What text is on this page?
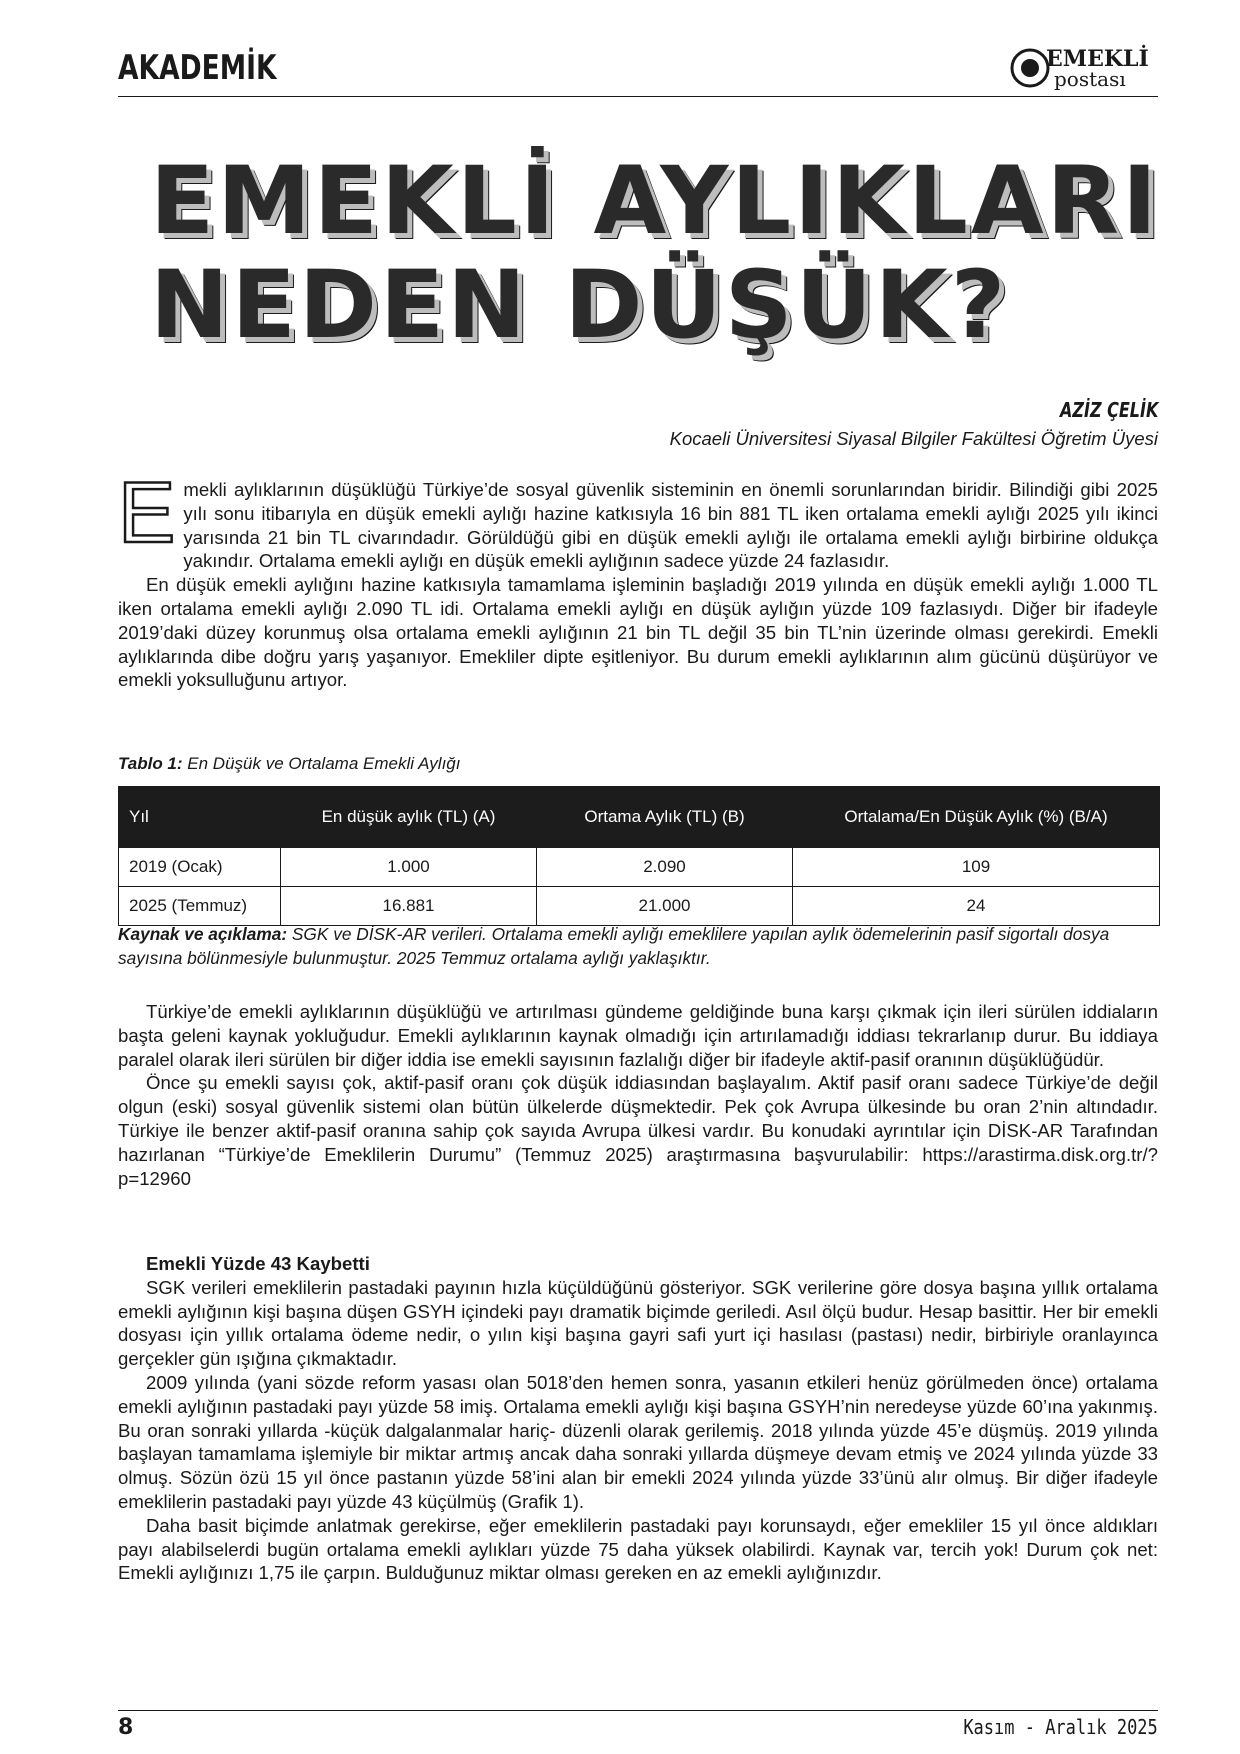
AKADEMİK	EMEKLİ
postası
EMEKLİ AYLIKLARI
NEDEN DÜŞÜK?
AZİZ ÇELİK
Kocaeli Üniversitesi Siyasal Bilgiler Fakültesi Öğretim Üyesi

Emekli aylıklarının düşüklüğü Türkiye’de sosyal güvenlik sisteminin en önemli sorunlarından biridir. Bilindiği gibi 2025 yılı sonu itibarıyla en düşük emekli aylığı hazine katkısıyla 16 bin 881 TL iken ortalama emekli aylığı 2025 yılı ikinci yarısında 21 bin TL civarındadır. Görüldüğü gibi en düşük emekli aylığı ile ortalama emekli aylığı birbirine oldukça yakındır. Ortalama emekli aylığı en düşük emekli aylığının sadece yüzde 24 fazlasıdır.

En düşük emekli aylığını hazine katkısıyla tamamlama işleminin başladığı 2019 yılında en düşük emekli aylığı 1.000 TL iken ortalama emekli aylığı 2.090 TL idi. Ortalama emekli aylığı en düşük aylığın yüzde 109 fazlasıydı. Diğer bir ifadeyle 2019’daki düzey korunmuş olsa ortalama emekli aylığının 21 bin TL değil 35 bin TL’nin üzerinde olması gerekirdi. Emekli aylıklarında dibe doğru yarış yaşanıyor. Emekliler dipte eşitleniyor. Bu durum emekli aylıklarının alım gücünü düşürüyor ve emekli yoksulluğunu artıyor.

Tablo 1: En Düşük ve Ortalama Emekli Aylığı
Yıl	En düşük aylık (TL) (A)	Ortama Aylık (TL) (B)	Ortalama/En Düşük Aylık (%) (B/A)
2019 (Ocak)	1.000	2.090	109
2025 (Temmuz)	16.881	21.000	24
Kaynak ve açıklama: SGK ve DİSK-AR verileri. Ortalama emekli aylığı emeklilere yapılan aylık ödemelerinin pasif sigortalı dosya sayısına bölünmesiyle bulunmuştur. 2025 Temmuz ortalama aylığı yaklaşıktır.

Türkiye’de emekli aylıklarının düşüklüğü ve artırılması gündeme geldiğinde buna karşı çıkmak için ileri sürülen iddiaların başta geleni kaynak yokluğudur. Emekli aylıklarının kaynak olmadığı için artırılamadığı iddiası tekrarlanıp durur. Bu iddiaya paralel olarak ileri sürülen bir diğer iddia ise emekli sayısının fazlalığı diğer bir ifadeyle aktif-pasif oranının düşüklüğüdür.

Önce şu emekli sayısı çok, aktif-pasif oranı çok düşük iddiasından başlayalım. Aktif pasif oranı sadece Türkiye’de değil olgun (eski) sosyal güvenlik sistemi olan bütün ülkelerde düşmektedir. Pek çok Avrupa ülkesinde bu oran 2’nin altındadır. Türkiye ile benzer aktif-pasif oranına sahip çok sayıda Avrupa ülkesi vardır. Bu konudaki ayrıntılar için DİSK-AR Tarafından hazırlanan “Türkiye’de Emeklilerin Durumu” (Temmuz 2025) araştırmasına başvurulabilir: https://arastirma.disk.org.tr/?p=12960

Emekli Yüzde 43 Kaybetti

SGK verileri emeklilerin pastadaki payının hızla küçüldüğünü gösteriyor. SGK verilerine göre dosya başına yıllık ortalama emekli aylığının kişi başına düşen GSYH içindeki payı dramatik biçimde geriledi. Asıl ölçü budur. Hesap basittir. Her bir emekli dosyası için yıllık ortalama ödeme nedir, o yılın kişi başına gayri safi yurt içi hasılası (pastası) nedir, birbiriyle oranlayınca gerçekler gün ışığına çıkmaktadır.

2009 yılında (yani sözde reform yasası olan 5018’den hemen sonra, yasanın etkileri henüz görülmeden önce) ortalama emekli aylığının pastadaki payı yüzde 58 imiş. Ortalama emekli aylığı kişi başına GSYH’nin neredeyse yüzde 60’ına yakınmış. Bu oran sonraki yıllarda -küçük dalgalanmalar hariç- düzenli olarak gerilemiş. 2018 yılında yüzde 45’e düşmüş. 2019 yılında başlayan tamamlama işlemiyle bir miktar artmış ancak daha sonraki yıllarda düşmeye devam etmiş ve 2024 yılında yüzde 33 olmuş. Sözün özü 15 yıl önce pastanın yüzde 58’ini alan bir emekli 2024 yılında yüzde 33’ünü alır olmuş. Bir diğer ifadeyle emeklilerin pastadaki payı yüzde 43 küçülmüş (Grafik 1).

Daha basit biçimde anlatmak gerekirse, eğer emeklilerin pastadaki payı korunsaydı, eğer emekliler 15 yıl önce aldıkları payı alabilselerdi bugün ortalama emekli aylıkları yüzde 75 daha yüksek olabilirdi. Kaynak var, tercih yok! Durum çok net: Emekli aylığınızı 1,75 ile çarpın. Bulduğunuz miktar olması gereken en az emekli aylığınızdır.

8	Kasım - Aralık 2025
